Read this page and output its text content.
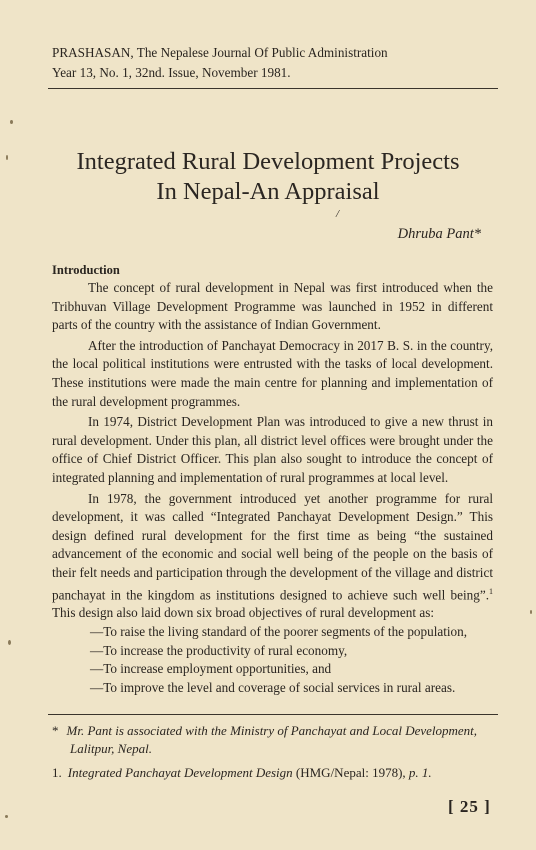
PRASHASAN, The Nepalese Journal Of Public Administration
Year 13, No. 1, 32nd. Issue, November 1981.
Integrated Rural Development Projects
In Nepal-An Appraisal
/
Dhruba Pant*
Introduction

The concept of rural development in Nepal was first introduced when the Tribhuvan Village Development Programme was launched in 1952 in different parts of the country with the assistance of Indian Government.

After the introduction of Panchayat Democracy in 2017 B. S. in the country, the local political institutions were entrusted with the tasks of local development. These institutions were made the main centre for planning and implementation of the rural development programmes.

In 1974, District Development Plan was introduced to give a new thrust in rural development. Under this plan, all district level offices were brought under the office of Chief District Officer. This plan also sought to introduce the concept of integrated planning and implementation of rural programmes at local level.

In 1978, the government introduced yet another programme for rural development, it was called “Integrated Panchayat Development Design.” This design defined rural development for the first time as being “the sustained advancement of the economic and social well being of the people on the basis of their felt needs and participation through the development of the village and district panchayat in the kingdom as institutions designed to achieve such well being”.$^1$ This design also laid down six broad objectives of rural development as:

—To raise the living standard of the poorer segments of the population,
—To increase the productivity of rural economy,
—To increase employment opportunities, and
—To improve the level and coverage of social services in rural areas.
* Mr. Pant is associated with the Ministry of Panchayat and Local Development, Lalitpur, Nepal.
1. Integrated Panchayat Development Design (HMG/Nepal: 1978), p. 1.
[ 25 ]
